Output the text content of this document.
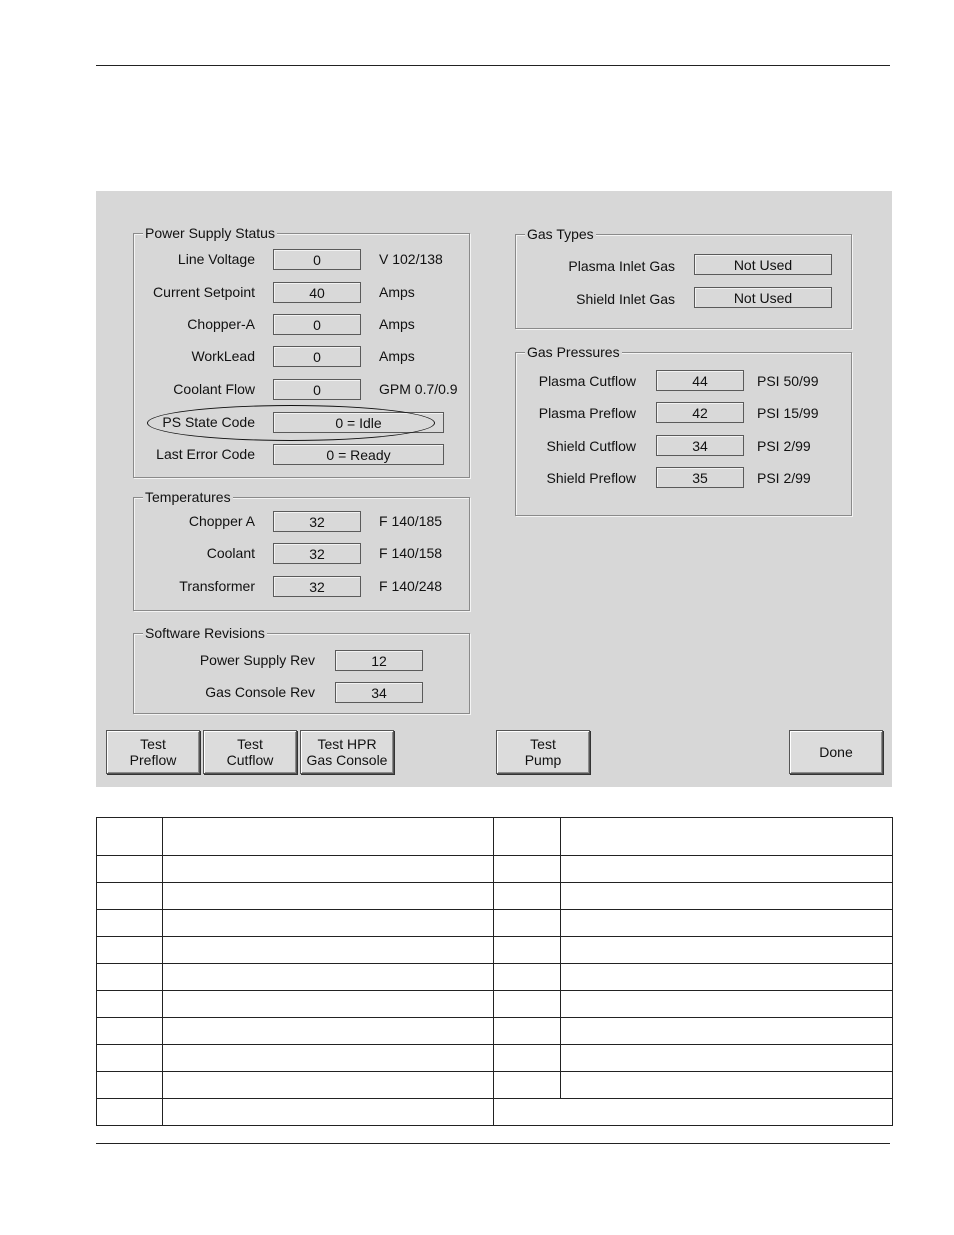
Power Supply Status
Line Voltage	0	V 102/138
Current Setpoint	40	Amps
Chopper-A	0	Amps
WorkLead	0	Amps
Coolant Flow	0	GPM 0.7/0.9
PS State Code	0 = Idle
Last Error Code	0 = Ready
Temperatures
Chopper A	32	F 140/185
Coolant	32	F 140/158
Transformer	32	F 140/248
Software Revisions
Power Supply Rev	12
Gas Console Rev	34
Gas Types
Plasma Inlet Gas	Not Used
Shield Inlet Gas	Not Used
Gas Pressures
Plasma Cutflow	44	PSI 50/99
Plasma Preflow	42	PSI 15/99
Shield Cutflow	34	PSI 2/99
Shield Preflow	35	PSI 2/99
Test
Preflow
Test
Cutflow
Test HPR
Gas Console
Test
Pump	Done
